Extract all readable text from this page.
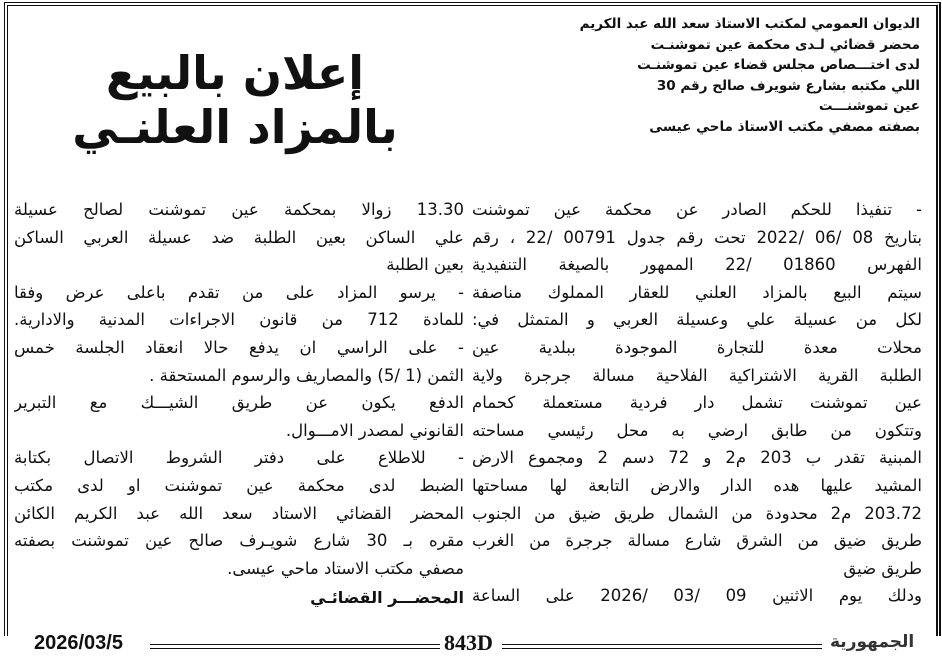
الديوان العمومي لمكتب الاستاذ سعد الله عبد الكريم
محضر قضائي لـدى محكمة عين تموشنـت
لدى اختـــصاص مجلس قضاء عين تموشنـت
اللي مكتبه بشارع شويرف صالح رقم 30
عين تموشنـــت
بصفته مصفي مكتب الاستاذ ماحي عيسى
إعلان بالبيع
بالمزاد العلنـي
- تنفيذا للحكم الصادر عن محكمة عين تموشنت
بتاريخ 08 /06 /2022 تحت رقم جدول 00791 /22 ، رقم
الفهرس 01860 /22 الممهور بالصيغة التنفيدية
سيتم البيع بالمزاد العلني للعقار المملوك مناصفة
لكل من عسيلة علي وعسيلة العربي و المتمثل في:
محلات معدة للتجارة الموجودة ببلدية عين
الطلبة القرية الاشتراكية الفلاحية مسالة جرجرة ولاية
عين تموشنت تشمل دار فردية مستعملة كحمام
وتتكون من طابق ارضي به محل رئيسي مساحته
المبنية تقدر ب 203 م2 و 72 دسم 2 ومجموع الارض
المشيد عليها هده الدار والارض التابعة لها مساحتها
203.72 م2 محدودة من الشمال طريق ضيق من الجنوب
طريق ضيق من الشرق شارع مسالة جرجرة من الغرب
طريق ضيق
ودلك يوم الاثنين 09 /03 /2026 على الساعة
13.30 زوالا بمحكمة عين تموشنت لصالح عسيلة
علي الساكن بعين الطلبة ضد عسيلة العربي الساكن
بعين الطلبة
- يرسو المزاد على من تقدم باعلى عرض وفقا
للمادة 712 من قانون الاجراءات المدنية والادارية.
- على الراسي ان يدفع حالا انعقاد الجلسة خمس
الثمن (1 /5) والمصاريف والرسوم المستحقة .
الدفع يكون عن طريق الشيـــك مع التبرير
القانوني لمصدر الامـــوال.
- للاطلاع على دفتر الشروط الاتصال بكتابة
الضبط لدى محكمة عين تموشنت او لدى مكتب
المحضر القضائي الاستاد سعد الله عبد الكريم الكائن
مقره بـ 30 شارع شويـرف صالح عين تموشنت بصفته
مصفي مكتب الاستاد ماحي عيسى.
المحضـــر القضائـي
2026/03/5	843D	الجمهورية
